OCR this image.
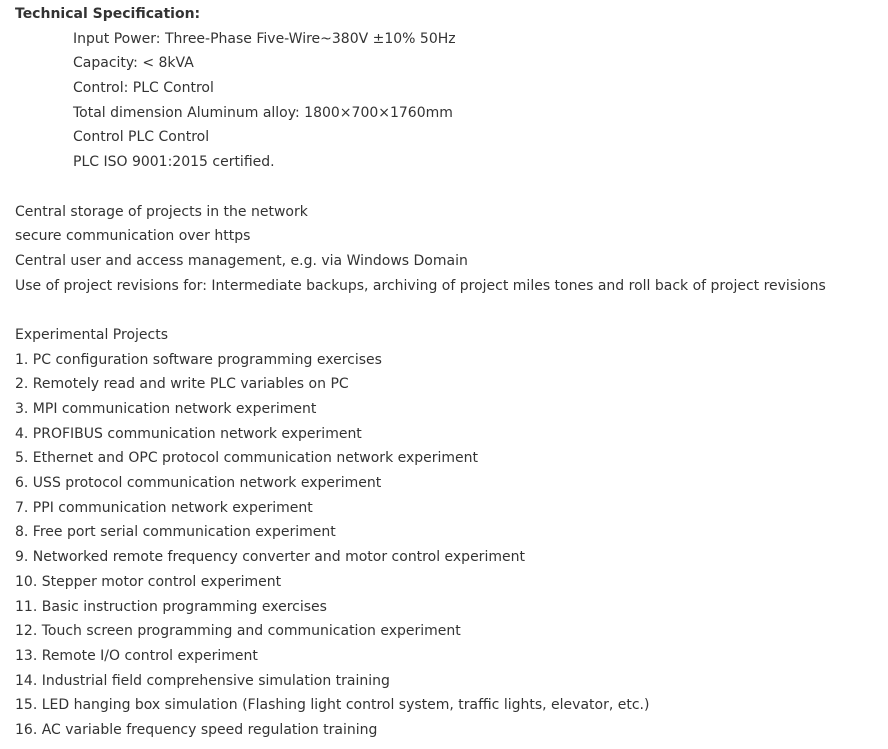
Technical Specification:
Input Power: Three-Phase Five-Wire~380V ±10% 50Hz
Capacity: < 8kVA
Control: PLC Control
Total dimension Aluminum alloy: 1800×700×1760mm
Control PLC Control
PLC ISO 9001:2015 certified.
Central storage of projects in the network
secure communication over https
Central user and access management, e.g. via Windows Domain
Use of project revisions for: Intermediate backups, archiving of project miles tones and roll back of project revisions
Experimental Projects
1. PC configuration software programming exercises
2. Remotely read and write PLC variables on PC
3. MPI communication network experiment
4. PROFIBUS communication network experiment
5. Ethernet and OPC protocol communication network experiment
6. USS protocol communication network experiment
7. PPI communication network experiment
8. Free port serial communication experiment
9. Networked remote frequency converter and motor control experiment
10. Stepper motor control experiment
11. Basic instruction programming exercises
12. Touch screen programming and communication experiment
13. Remote I/O control experiment
14. Industrial field comprehensive simulation training
15. LED hanging box simulation (Flashing light control system, traffic lights, elevator, etc.)
16. AC variable frequency speed regulation training
